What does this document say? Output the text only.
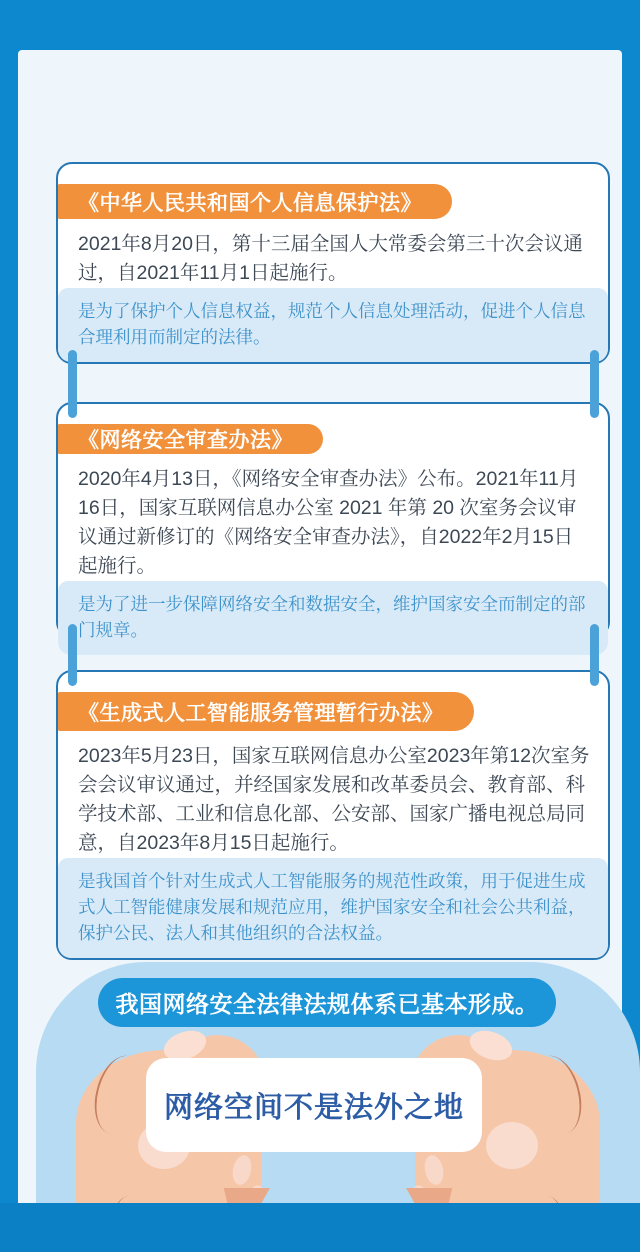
《中华人民共和国个人信息保护法》
2021年8月20日，第十三届全国人大常委会第三十次会议通过，自2021年11月1日起施行。
是为了保护个人信息权益，规范个人信息处理活动，促进个人信息合理利用而制定的法律。
《网络安全审查办法》
2020年4月13日，《网络安全审查办法》公布。2021年11月16日，国家互联网信息办公室 2021 年第 20 次室务会议审议通过新修订的《网络安全审查办法》，自2022年2月15日起施行。
是为了进一步保障网络安全和数据安全，维护国家安全而制定的部门规章。
《生成式人工智能服务管理暂行办法》
2023年5月23日，国家互联网信息办公室2023年第12次室务会会议审议通过，并经国家发展和改革委员会、教育部、科学技术部、工业和信息化部、公安部、国家广播电视总局同意，自2023年8月15日起施行。
是我国首个针对生成式人工智能服务的规范性政策，用于促进生成式人工智能健康发展和规范应用，维护国家安全和社会公共利益，保护公民、法人和其他组织的合法权益。
我国网络安全法律法规体系已基本形成。
网络空间不是法外之地
